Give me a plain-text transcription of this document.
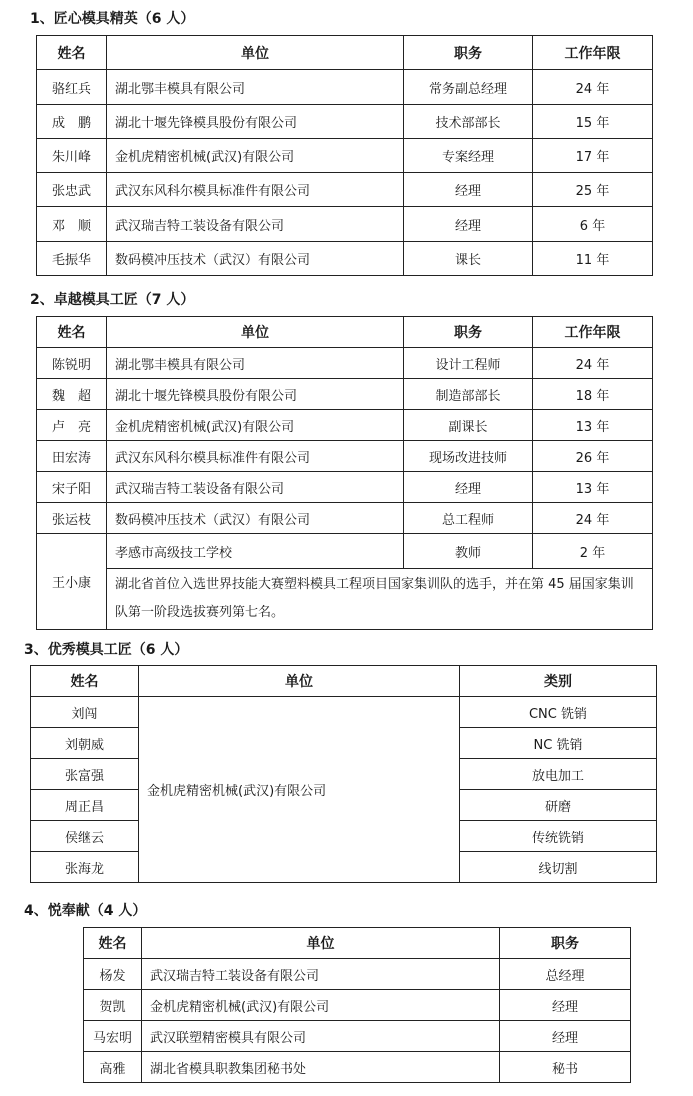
1、匠心模具精英（6 人）
姓名	单位	职务	工作年限
骆红兵	湖北鄂丰模具有限公司	常务副总经理	24 年
成　鹏	湖北十堰先锋模具股份有限公司	技术部部长	15 年
朱川峰	金机虎精密机械(武汉)有限公司	专案经理	17 年
张忠武	武汉东风科尔模具标准件有限公司	经理	25 年
邓　顺	武汉瑞吉特工装设备有限公司	经理	6 年
毛振华	数码模冲压技术（武汉）有限公司	课长	11 年
2、卓越模具工匠（7 人）
姓名	单位	职务	工作年限
陈锐明	湖北鄂丰模具有限公司	设计工程师	24 年
魏　超	湖北十堰先锋模具股份有限公司	制造部部长	18 年
卢　亮	金机虎精密机械(武汉)有限公司	副课长	13 年
田宏涛	武汉东风科尔模具标准件有限公司	现场改进技师	26 年
宋子阳	武汉瑞吉特工装设备有限公司	经理	13 年
张运枝	数码模冲压技术（武汉）有限公司	总工程师	24 年
王小康	孝感市高级技工学校	教师	2 年
	湖北省首位入选世界技能大赛塑料模具工程项目国家集训队的选手，并在第 45 届国家集训队第一阶段选拔赛列第七名。		
3、优秀模具工匠（6 人）
姓名	单位	类别
刘闯	金机虎精密机械(武汉)有限公司	CNC 铣销
刘朝威		NC 铣销
张富强		放电加工
周正昌		研磨
侯继云		传统铣销
张海龙		线切割
4、悦奉献（4 人）
姓名	单位	职务
杨发	武汉瑞吉特工装设备有限公司	总经理
贺凯	金机虎精密机械(武汉)有限公司	经理
马宏明	武汉联塑精密模具有限公司	经理
高雅	湖北省模具职教集团秘书处	秘书
